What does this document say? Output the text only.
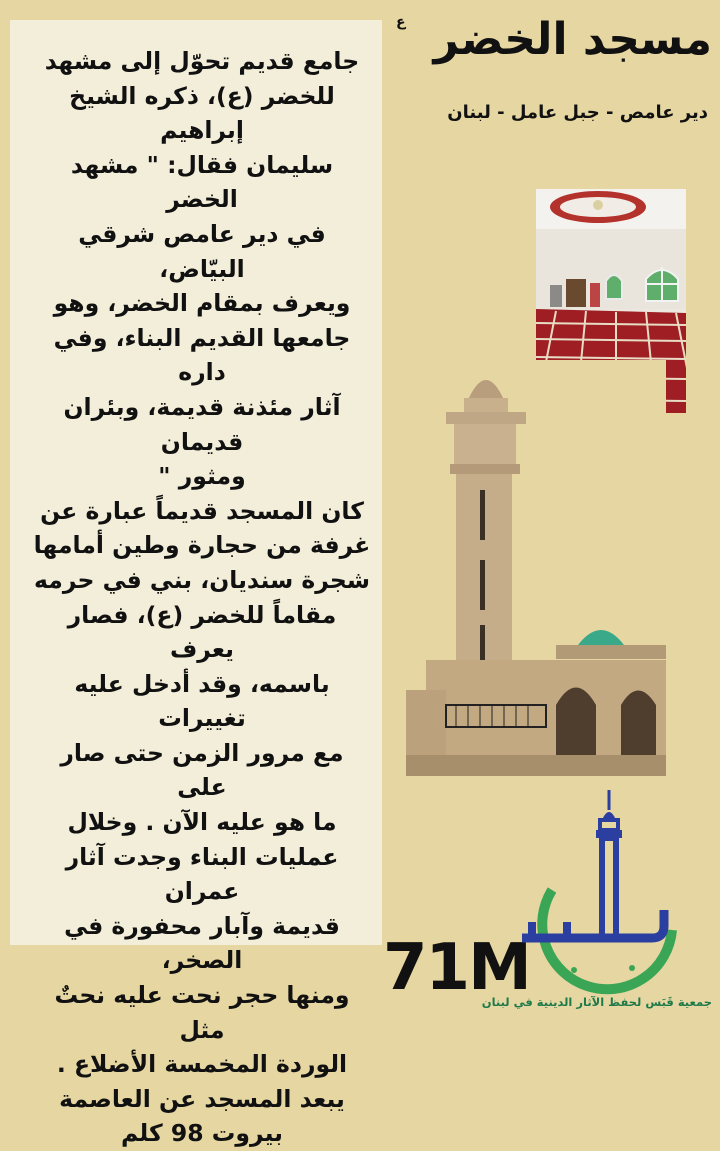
جامع قديم تحوّل إلى مشهد
للخضر (ع)، ذكره الشيخ إبراهيم
سليمان فقال: " مشهد الخضر
في دير عامص شرقي البيّاض،
ويعرف بمقام الخضر، وهو
جامعها القديم البناء، وفي داره
آثار مئذنة قديمة، وبئران قديمان
ومثور "
كان المسجد قديماً عبارة عن
غرفة من حجارة وطين أمامها
شجرة سنديان، بني في حرمه
مقاماً للخضر (ع)، فصار يعرف
باسمه، وقد أدخل عليه تغييرات
مع مرور الزمن حتى صار على
ما هو عليه الآن . وخلال
عمليات البناء وجدت آثار عمران
قديمة وآبار محفورة في الصخر،
ومنها حجر نحت عليه نحتٌ مثل
الوردة المخمسة الأضلاع .
يبعد المسجد عن العاصمة
بيروت 98 كلم
ع مسجد الخضر

دير عامص - جبل عامل - لبنان

71M

جمعية قَبَس لحفظ الآثار الدينية في لبنان
